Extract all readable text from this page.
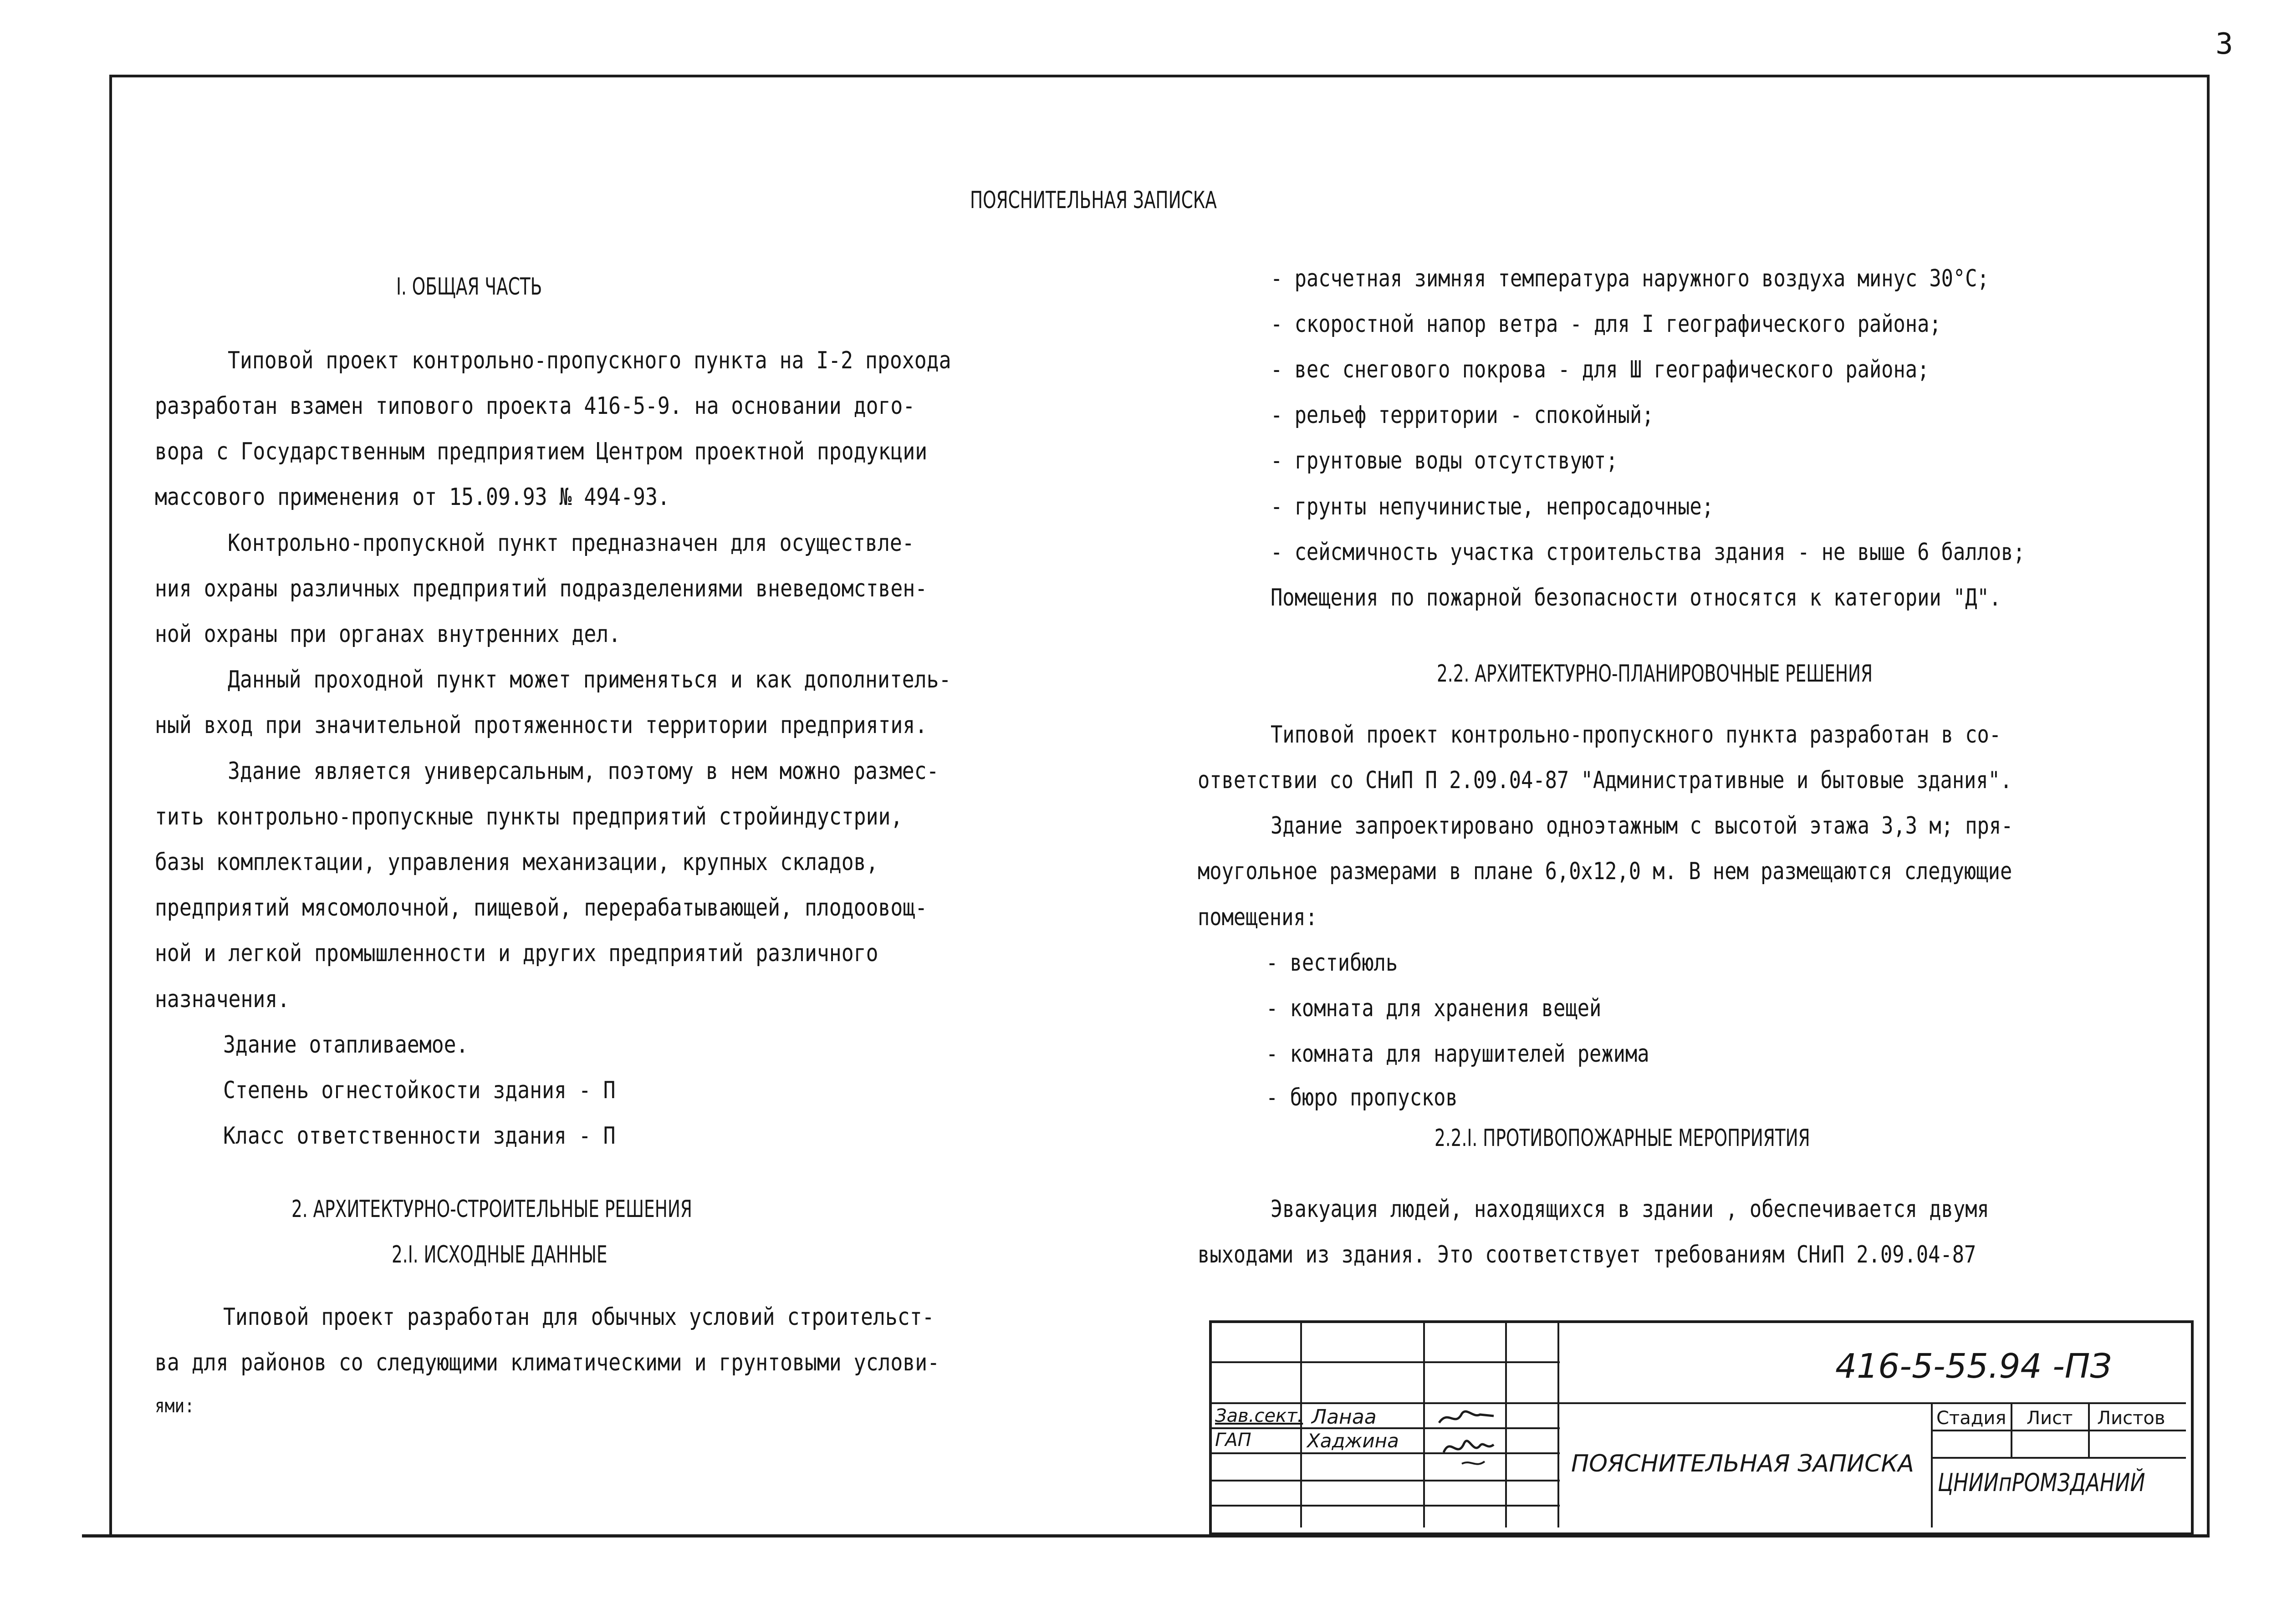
3
ПОЯСНИТЕЛЬНАЯ ЗАПИСКА
I. ОБЩАЯ ЧАСТЬ
Типовой проект контрольно-пропускного пункта на I-2 прохода
разработан взамен типового проекта 416-5-9. на основании дого-
вора с Государственным предприятием Центром проектной продукции
массового применения от 15.09.93 № 494-93.
Контрольно-пропускной пункт предназначен для осуществле-
ния охраны различных предприятий подразделениями вневедомствен-
ной охраны при органах внутренних дел.
Данный проходной пункт может применяться и как дополнитель-
ный вход при значительной протяженности территории предприятия.
Здание является универсальным, поэтому в нем можно размес-
тить контрольно-пропускные пункты предприятий стройиндустрии,
базы комплектации, управления механизации, крупных складов,
предприятий мясомолочной, пищевой, перерабатывающей, плодоовощ-
ной и легкой промышленности и других предприятий различного
назначения.
Здание отапливаемое.
Степень огнестойкости здания - П
Класс ответственности здания - П
2. АРХИТЕКТУРНО-СТРОИТЕЛЬНЫЕ РЕШЕНИЯ
2.I. ИСХОДНЫЕ ДАННЫЕ
Типовой проект разработан для обычных условий строительст-
ва для районов со следующими климатическими и грунтовыми услови-
ями:
- расчетная зимняя температура наружного воздуха минус 30°С;
- скоростной напор ветра - для I географического района;
- вес снегового покрова - для Ш географического района;
- рельеф территории - спокойный;
- грунтовые воды отсутствуют;
- грунты непучинистые, непросадочные;
- сейсмичность участка строительства здания - не выше 6 баллов;
Помещения по пожарной безопасности относятся к категории "Д".
2.2. АРХИТЕКТУРНО-ПЛАНИРОВОЧНЫЕ РЕШЕНИЯ
Типовой проект контрольно-пропускного пункта разработан в со-
ответствии со СНиП П 2.09.04-87 "Административные и бытовые здания".
Здание запроектировано одноэтажным с высотой этажа 3,3 м; пря-
моугольное размерами в плане 6,0х12,0 м. В нем размещаются следующие
помещения:
- вестибюль
- комната для хранения вещей
- комната для нарушителей режима
- бюро пропусков
2.2.I. ПРОТИВОПОЖАРНЫЕ МЕРОПРИЯТИЯ
Эвакуация людей, находящихся в здании , обеспечивается двумя
выходами из здания. Это соответствует требованиям СНиП 2.09.04-87
416-5-55.94 -ПЗ
Зав.сект. Ланаа
ГАП	Хаджина
ПОЯСНИТЕЛЬНАЯ ЗАПИСКА
Стадия Лист Листов
ЦНИИпРОМЗДАНИЙ
